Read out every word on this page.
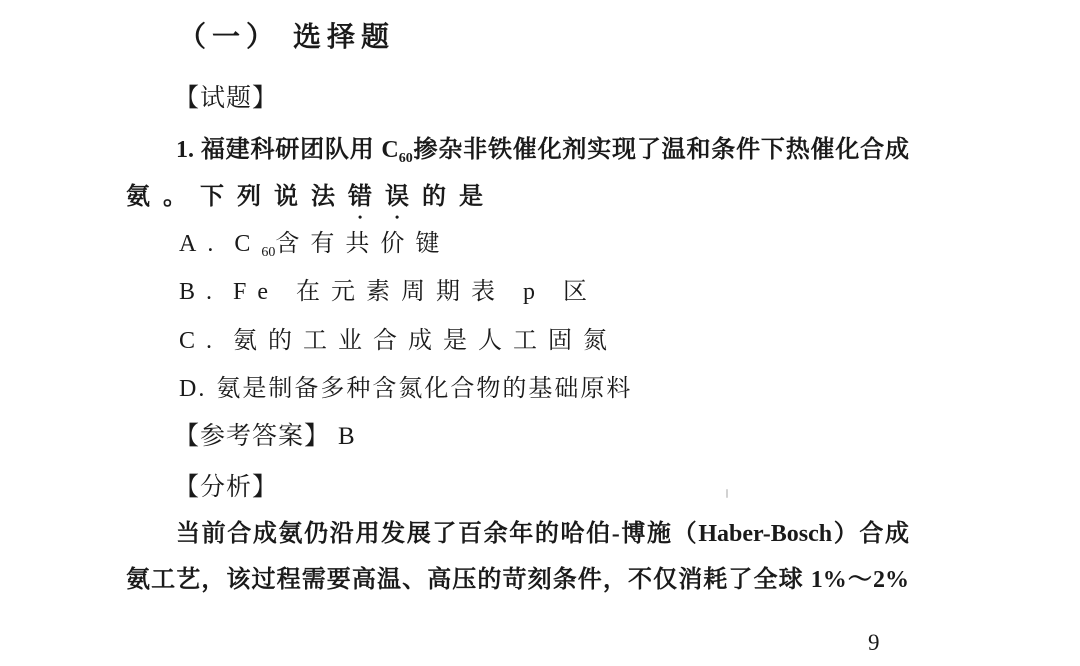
（一） 选择题
【试题】
1. 福建科研团队用 $C_{60}$掺杂非铁催化剂实现了温和条件下热催化合成
氨。下列说法错误的是
A. $C_{60}$含有共价键
B. Fe 在元素周期表 p 区
C. 氨的工业合成是人工固氮
D. 氨是制备多种含氮化合物的基础原料
【参考答案】 B
【分析】
当前合成氨仍沿用发展了百余年的哈伯-博施（Haber-Bosch）合成
氨工艺，该过程需要高温、高压的苛刻条件，不仅消耗了全球 1%～2%
9
